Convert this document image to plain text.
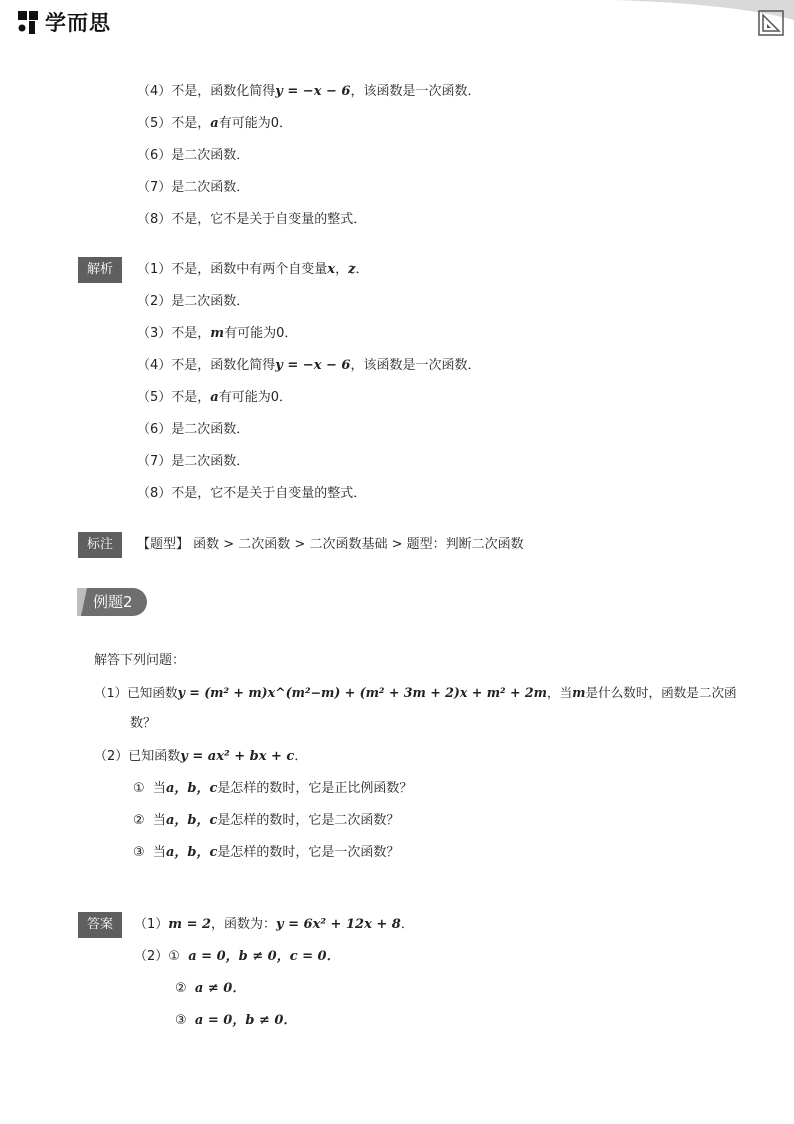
学而思
（4）不是，函数化简得y = −x − 6，该函数是一次函数．
（5）不是，a有可能为0．
（6）是二次函数．
（7）是二次函数．
（8）不是，它不是关于自变量的整式．
解析	（1）不是，函数中有两个自变量x，z．
（2）是二次函数．
（3）不是，m有可能为0．
（4）不是，函数化简得y = −x − 6，该函数是一次函数．
（5）不是，a有可能为0．
（6）是二次函数．
（7）是二次函数．
（8）不是，它不是关于自变量的整式．
标注	【题型】 函数 > 二次函数 > 二次函数基础 > 题型：判断二次函数
例题2
解答下列问题：
（1）已知函数y = (m² + m)x^(m²−m) + (m² + 3m + 2)x + m² + 2m，当m是什么数时，函数是二次函
数？
（2）已知函数y = ax² + bx + c．
① 当a，b，c是怎样的数时，它是正比例函数？
② 当a，b，c是怎样的数时，它是二次函数？
③ 当a，b，c是怎样的数时，它是一次函数？
答案	（1）m = 2，函数为：y = 6x² + 12x + 8．
（2）① a = 0，b ≠ 0，c = 0．
② a ≠ 0．
③ a = 0，b ≠ 0．
